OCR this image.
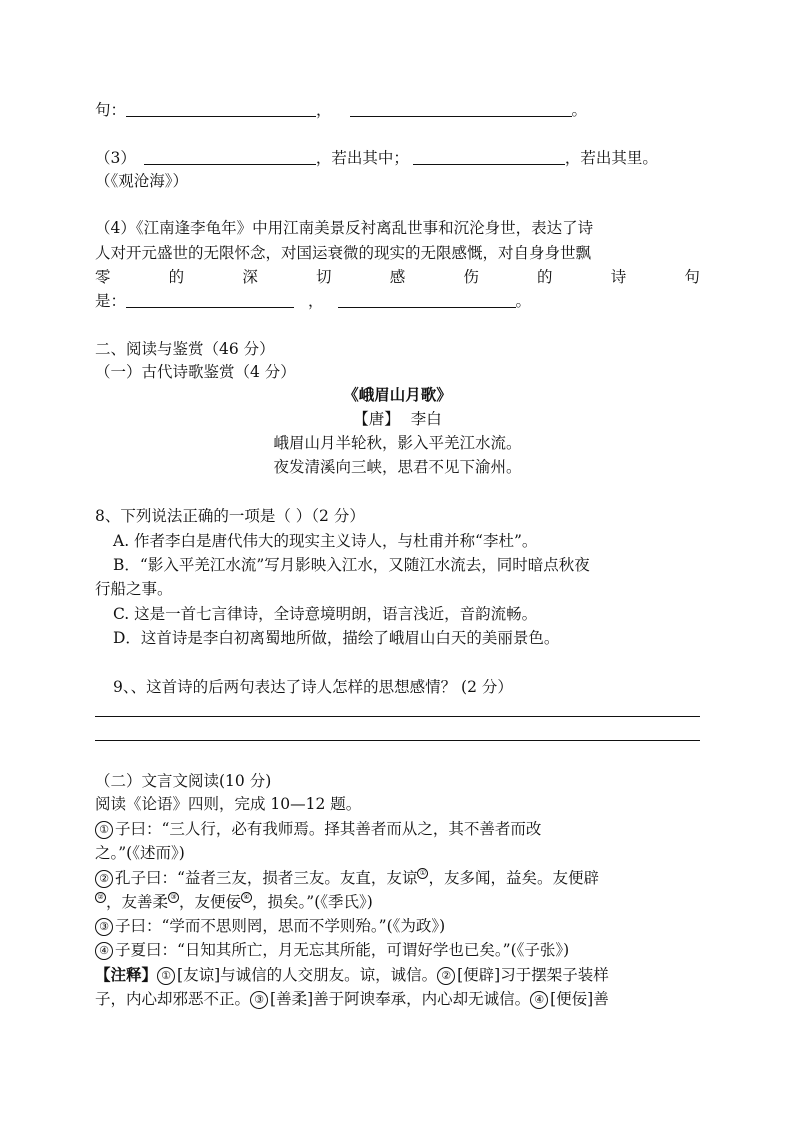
句：	，	。
（3）	，若出其中；	，若出其里。
（《观沧海》）
（4）《江南逢李龟年》中用江南美景反衬离乱世事和沉沦身世，表达了诗
人对开元盛世的无限怀念，对国运衰微的现实的无限感慨，对自身身世飘
零	的	深	切	感	伤	的	诗	句
是：	，	。
二、阅读与鉴赏（46 分）
（一）古代诗歌鉴赏（4 分）
《峨眉山月歌》
【唐】 李白
峨眉山月半轮秋，影入平羌江水流。
夜发清溪向三峡，思君不见下渝州。
8、下列说法正确的一项是（ ）（2 分）
A. 作者李白是唐代伟大的现实主义诗人，与杜甫并称“李杜”。
B．“影入平羌江水流”写月影映入江水，又随江水流去，同时暗点秋夜
行船之事。
C. 这是一首七言律诗，全诗意境明朗，语言浅近，音韵流畅。
D．这首诗是李白初离蜀地所做，描绘了峨眉山白天的美丽景色。
9、、这首诗的后两句表达了诗人怎样的思想感情？ (2 分）
（二）文言文阅读(10 分)
阅读《论语》四则，完成 10—12 题。
① 子曰：“三人行，必有我师焉。择其善者而从之，其不善者而改
之。”(《述而》)
② 孔子曰：“益者三友，损者三友。友直，友谅 ① ，友多闻，益矣。友便辟
② ，友善柔 ③ ，友便佞 ④ ，损矣。”(《季氏》)
③ 子曰：“学而不思则罔，思而不学则殆。”(《为政》)
④ 子夏曰：“日知其所亡，月无忘其所能，可谓好学也已矣。”(《子张》)
【注释】 ① [友谅]与诚信的人交朋友。谅，诚信。 ② [便辟]习于摆架子装样
子，内心却邪恶不正。 ③ [善柔]善于阿谀奉承，内心却无诚信。 ④ [便佞]善
